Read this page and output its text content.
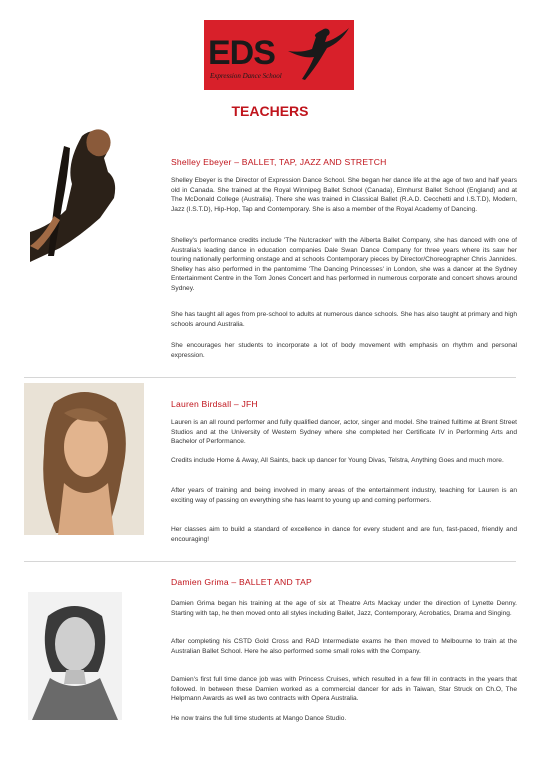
EDS
Expression Dance School
TEACHERS
Shelley Ebeyer – BALLET, TAP, JAZZ AND STRETCH

Shelley Ebeyer is the Director of Expression Dance School. She began her dance life at the age of two and half years old in Canada. She trained at the Royal Winnipeg Ballet School (Canada), Elmhurst Ballet School (England) and at The McDonald College (Australia). There she was trained in Classical Ballet (R.A.D. Cecchetti and I.S.T.D), Modern, Jazz (I.S.T.D), Hip-Hop, Tap and Contemporary. She is also a member of the Royal Academy of Dancing.

Shelley's performance credits include 'The Nutcracker' with the Alberta Ballet Company, she has danced with one of Australia's leading dance in education companies Dale Swan Dance Company for three years where its saw her touring nationally performing onstage and at schools Contemporary pieces by Director/Choreographer Chris Jannides. Shelley has also performed in the pantomime 'The Dancing Princesses' in London, she was a dancer at the Sydney Entertainment Centre in the Tom Jones Concert and has performed in numerous corporate and concert shows around Sydney.

She has taught all ages from pre-school to adults at numerous dance schools. She has also taught at primary and high schools around Australia.

She encourages her students to incorporate a lot of body movement with emphasis on rhythm and personal expression.

Lauren Birdsall – JFH

Lauren is an all round performer and fully qualified dancer, actor, singer and model. She trained fulltime at Brent Street Studios and at the University of Western Sydney where she completed her Certificate IV in Performing Arts and Bachelor of Performance.

Credits include Home & Away, All Saints, back up dancer for Young Divas, Telstra, Anything Goes and much more.

After years of training and being involved in many areas of the entertainment industry, teaching for Lauren is an exciting way of passing on everything she has learnt to young up and coming performers.

Her classes aim to build a standard of excellence in dance for every student and are fun, fast-paced, friendly and encouraging!

Damien Grima – BALLET AND TAP

Damien Grima began his training at the age of six at Theatre Arts Mackay under the direction of Lynette Denny. Starting with tap, he then moved onto all styles including Ballet, Jazz, Contemporary, Acrobatics, Drama and Singing.

After completing his CSTD Gold Cross and RAD Intermediate exams he then moved to Melbourne to train at the Australian Ballet School. Here he also performed some small roles with the Company.

Damien's first full time dance job was with Princess Cruises, which resulted in a few fill in contracts in the years that followed. In between these Damien worked as a commercial dancer for ads in Taiwan, Star Struck on Ch.O, The Helpmann Awards as well as two contracts with Opera Australia.

He now trains the full time students at Mango Dance Studio.
